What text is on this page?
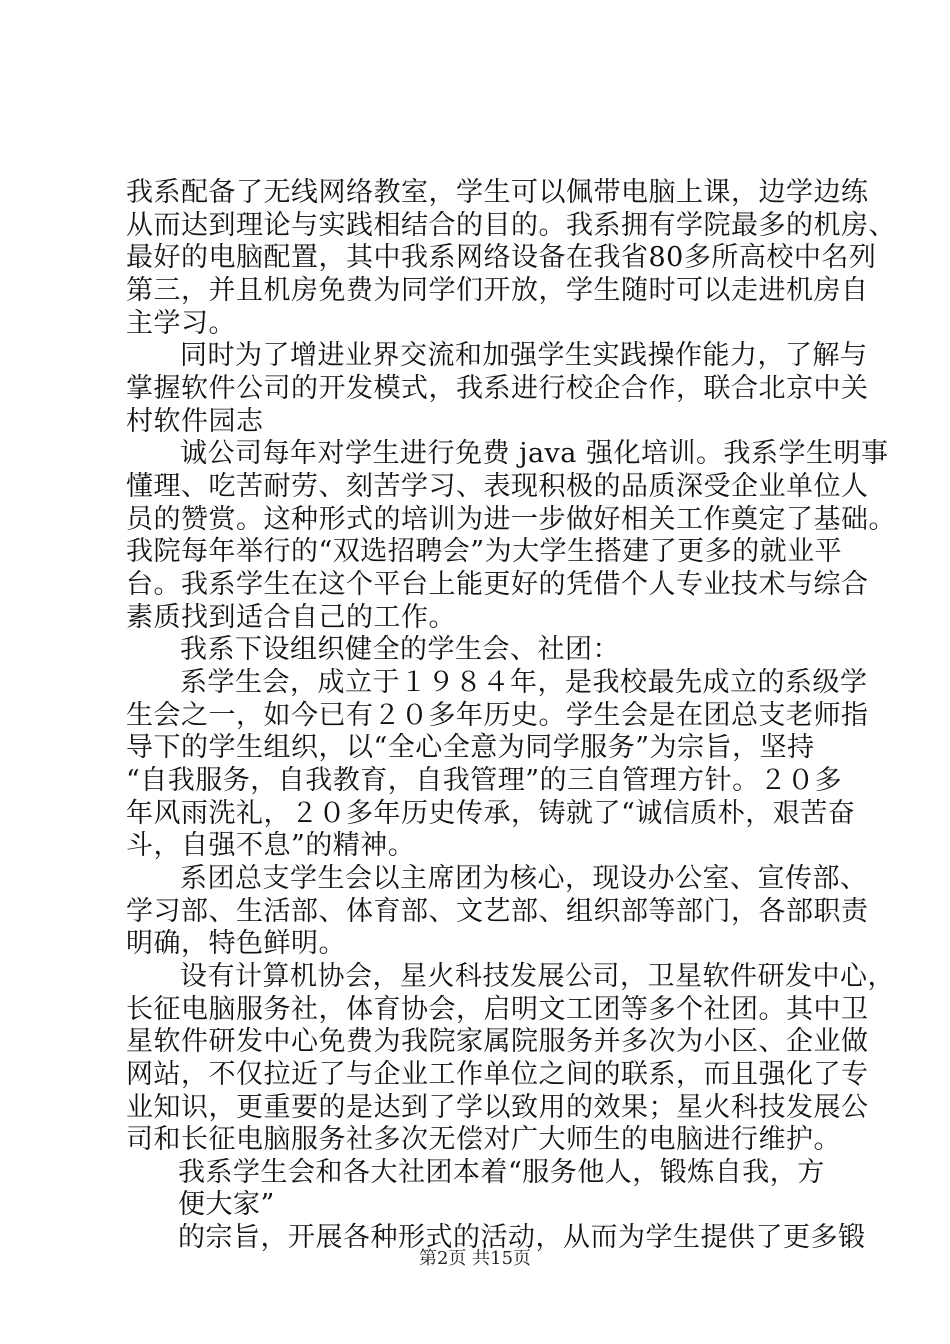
我系配备了无线网络教室，学生可以佩带电脑上课，边学边练
从而达到理论与实践相结合的目的。我系拥有学院最多的机房、
最好的电脑配置，其中我系网络设备在我省80多所高校中名列
第三，并且机房免费为同学们开放，学生随时可以走进机房自
主学习。
同时为了增进业界交流和加强学生实践操作能力，了解与
掌握软件公司的开发模式，我系进行校企合作，联合北京中关
村软件园志
诚公司每年对学生进行免费 java 强化培训。我系学生明事
懂理、吃苦耐劳、刻苦学习、表现积极的品质深受企业单位人
员的赞赏。这种形式的培训为进一步做好相关工作奠定了基础。
我院每年举行的“双选招聘会”为大学生搭建了更多的就业平
台。我系学生在这个平台上能更好的凭借个人专业技术与综合
素质找到适合自己的工作。
我系下设组织健全的学生会、社团：
系学生会，成立于１９８４年，是我校最先成立的系级学
生会之一，如今已有２０多年历史。学生会是在团总支老师指
导下的学生组织，以“全心全意为同学服务”为宗旨，坚持
“自我服务，自我教育，自我管理”的三自管理方针。２０多
年风雨洗礼，２０多年历史传承，铸就了“诚信质朴，艰苦奋
斗，自强不息”的精神。
系团总支学生会以主席团为核心，现设办公室、宣传部、
学习部、生活部、体育部、文艺部、组织部等部门，各部职责
明确，特色鲜明。
设有计算机协会，星火科技发展公司，卫星软件研发中心，
长征电脑服务社，体育协会，启明文工团等多个社团。其中卫
星软件研发中心免费为我院家属院服务并多次为小区、企业做
网站，不仅拉近了与企业工作单位之间的联系，而且强化了专
业知识，更重要的是达到了学以致用的效果；星火科技发展公
司和长征电脑服务社多次无偿对广大师生的电脑进行维护。
我系学生会和各大社团本着“服务他人，锻炼自我，方
便大家”
的宗旨，开展各种形式的活动，从而为学生提供了更多锻
第2页 共15页
